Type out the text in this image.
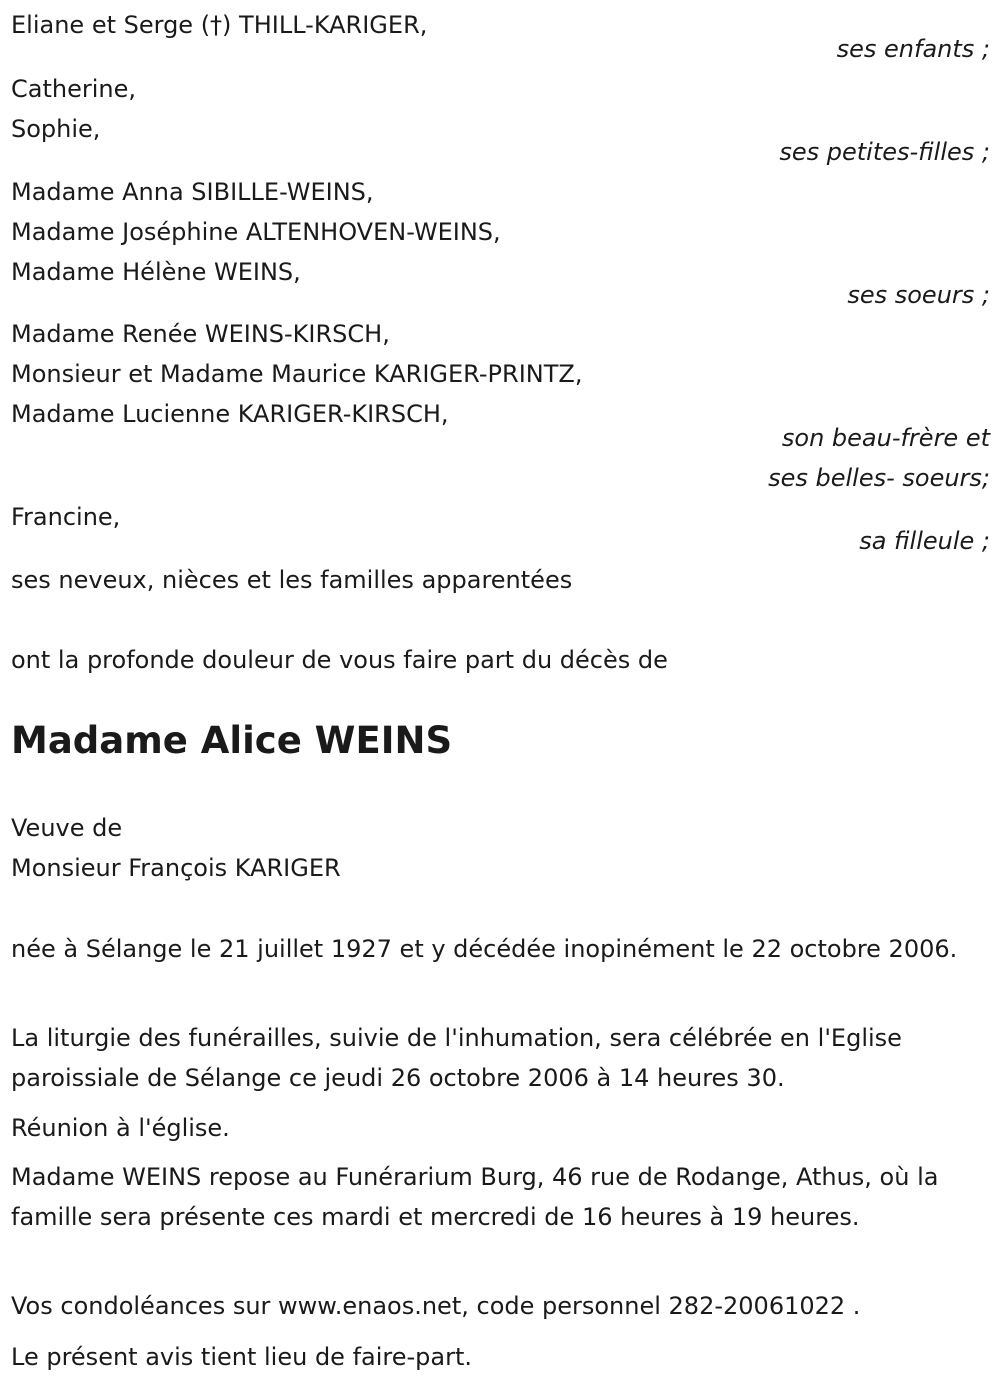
Eliane et Serge (†) THILL-KARIGER,
ses enfants ;
Catherine,
Sophie,
ses petites-filles ;
Madame Anna SIBILLE-WEINS,
Madame Joséphine ALTENHOVEN-WEINS,
Madame Hélène WEINS,
ses soeurs ;
Madame Renée WEINS-KIRSCH,
Monsieur et Madame Maurice KARIGER-PRINTZ,
Madame Lucienne KARIGER-KIRSCH,
son beau-frère et
ses belles- soeurs;
Francine,
sa filleule ;
ses neveux, nièces et les familles apparentées
ont la profonde douleur de vous faire part du décès de
Madame Alice WEINS
Veuve de
Monsieur François KARIGER
née à Sélange le 21 juillet 1927 et y décédée inopinément le 22 octobre 2006.
La liturgie des funérailles, suivie de l'inhumation, sera célébrée en l'Eglise paroissiale de Sélange ce jeudi 26 octobre 2006 à 14 heures 30.
Réunion à l'église.
Madame WEINS repose au Funérarium Burg, 46 rue de Rodange, Athus, où la famille sera présente ces mardi et mercredi de 16 heures à 19 heures.
Vos condoléances sur www.enaos.net, code personnel 282-20061022 .
Le présent avis tient lieu de faire-part.
